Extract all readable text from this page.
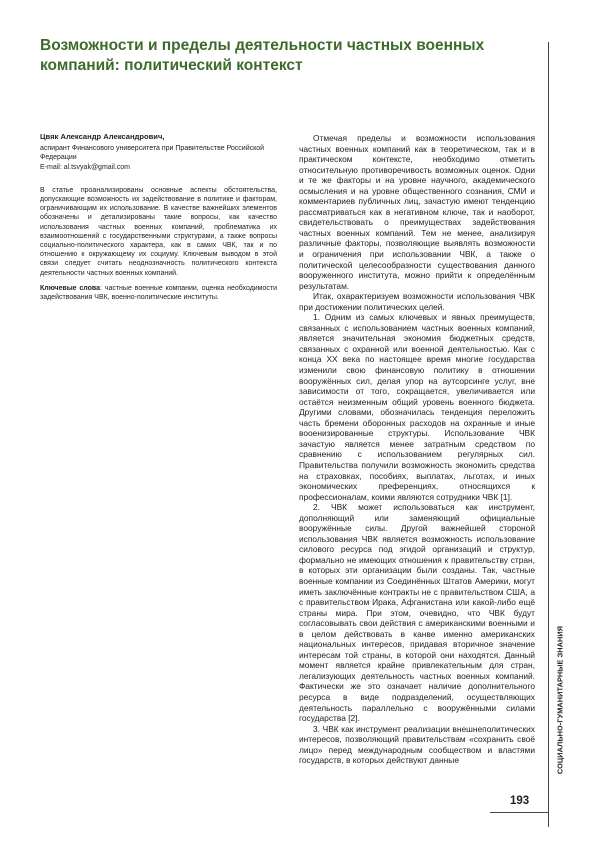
Возможности и пределы деятельности частных военных компаний: политический контекст

Цвяк Александр Александрович,

аспирант Финансового университета при Правительстве Российской Федерации

E-mail: al.tsvyak@gmail.com

В статье проанализированы основные аспекты обстоятельства, допускающие возможность их задействование в политике и факторам, ограничивающим их использование. В качестве важнейших элементов обозначены и детализированы такие вопросы, как качество использования частных военных компаний, проблематика их взаимоотношений с государственными структурами, а также вопросы социально-политического характера, как в самих ЧВК, так и по отношению к окружающему их социуму. Ключевым выводом в этой связи следует считать неоднозначность политического контекста деятельности частных военных компаний.

Ключевые слова: частные военные компании, оценка необходимости задействования ЧВК, военно-политические институты.

Отмечая пределы и возможности использования частных военных компаний как в теоретическом, так и в практическом контексте, необходимо отметить относительную противоречивость возможных оценок. Одни и те же факторы и на уровне научного, академического осмысления и на уровне общественного сознания, СМИ и комментариев публичных лиц, зачастую имеют тенденцию рассматриваться как в негативном ключе, так и наоборот, свидетельствовать о преимуществах задействования частных военных компаний. Тем не менее, анализируя различные факторы, позволяющие выявлять возможности и ограничения при использовании ЧВК, а также о политической целесообразности существования данного вооруженного института, можно прийти к определённым результатам.

Итак, охарактеризуем возможности использования ЧВК при достижении политических целей.

1. Одним из самых ключевых и явных преимуществ, связанных с использованием частных военных компаний, является значительная экономия бюджетных средств, связанных с охранной или военной деятельностью. Как с конца XX века по настоящее время многие государства изменили свою финансовую политику в отношении вооружённых сил, делая упор на аутсорсинге услуг, вне зависимости от того, сокращается, увеличивается или остаётся неизменным общий уровень военного бюджета. Другими словами, обозначилась тенденция переложить часть бремени оборонных расходов на охранные и иные вооенизированные структуры. Использование ЧВК зачастую является менее затратным средством по сравнению с использованием регулярных сил. Правительства получили возможность экономить средства на страховках, пособиях, выплатах, льготах, и иных экономических преференциях, относящихся к профессионалам, коими являются сотрудники ЧВК [1].

2. ЧВК может использоваться как инструмент, дополняющий или заменяющий официальные вооружённые силы. Другой важнейшей стороной использования ЧВК является возможность использование силового ресурса под эгидой организаций и структур, формально не имеющих отношения к правительству стран, в которых эти организации были созданы. Так, частные военные компании из Соединённых Штатов Америки, могут иметь заключённые контракты не с правительством США, а с правительством Ирака, Афганистана или какой-либо ещё страны мира. При этом, очевидно, что ЧВК будут согласовывать свои действия с американскими военными и в целом действовать в канве именно американских национальных интересов, придавая вторичное значение интересам той страны, в которой они находятся. Данный момент является крайне привлекательным для стран, легализующих деятельность частных военных компаний. Фактически же это означает наличие дополнительного ресурса в виде подразделений, осуществляющих деятельность параллельно с вооружёнными силами государства [2].

3. ЧВК как инструмент реализации внешнеполитических интересов, позволяющий правительствам «сохранить своё лицо» перед международным сообществом и властями государств, в которых действуют данные	СОЦИАЛЬНО-ГУМАНИТАРНЫЕ ЗНАНИЯ
193
